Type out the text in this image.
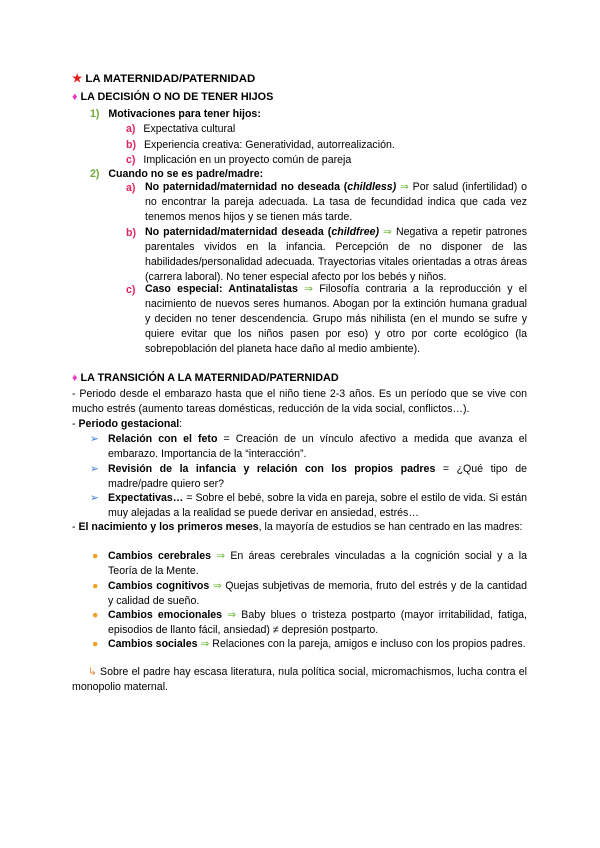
★ LA MATERNIDAD/PATERNIDAD
♦ LA DECISIÓN O NO DE TENER HIJOS
1) Motivaciones para tener hijos:
a) Expectativa cultural
b) Experiencia creativa: Generatividad, autorrealización.
c) Implicación en un proyecto común de pareja
2) Cuando no se es padre/madre:
a) No paternidad/maternidad no deseada (childless) ⇒ Por salud (infertilidad) o no encontrar la pareja adecuada. La tasa de fecundidad indica que cada vez tenemos menos hijos y se tienen más tarde.
b) No paternidad/maternidad deseada (childfree) ⇒ Negativa a repetir patrones parentales vividos en la infancia. Percepción de no disponer de las habilidades/personalidad adecuada. Trayectorias vitales orientadas a otras áreas (carrera laboral). No tener especial afecto por los bebés y niños.
c) Caso especial: Antinatalistas ⇒ Filosofía contraria a la reproducción y el nacimiento de nuevos seres humanos. Abogan por la extinción humana gradual y deciden no tener descendencia. Grupo más nihilista (en el mundo se sufre y quiere evitar que los niños pasen por eso) y otro por corte ecológico (la sobrepoblación del planeta hace daño al medio ambiente).
♦ LA TRANSICIÓN A LA MATERNIDAD/PATERNIDAD
- Periodo desde el embarazo hasta que el niño tiene 2-3 años. Es un período que se vive con mucho estrés (aumento tareas domésticas, reducción de la vida social, conflictos…).
- Periodo gestacional:
➢ Relación con el feto = Creación de un vínculo afectivo a medida que avanza el embarazo. Importancia de la “interacción”.
➢ Revisión de la infancia y relación con los propios padres = ¿Qué tipo de madre/padre quiero ser?
➢ Expectativas… = Sobre el bebé, sobre la vida en pareja, sobre el estilo de vida. Si están muy alejadas a la realidad se puede derivar en ansiedad, estrés…
- El nacimiento y los primeros meses, la mayoría de estudios se han centrado en las madres:
● Cambios cerebrales ⇒ En áreas cerebrales vinculadas a la cognición social y a la Teoría de la Mente.
● Cambios cognitivos ⇒ Quejas subjetivas de memoria, fruto del estrés y de la cantidad y calidad de sueño.
● Cambios emocionales ⇒ Baby blues o tristeza postparto (mayor irritabilidad, fatiga, episodios de llanto fácil, ansiedad) ≠ depresión postparto.
● Cambios sociales ⇒ Relaciones con la pareja, amigos e incluso con los propios padres.
↳ Sobre el padre hay escasa literatura, nula política social, micromachismos, lucha contra el monopolio maternal.
